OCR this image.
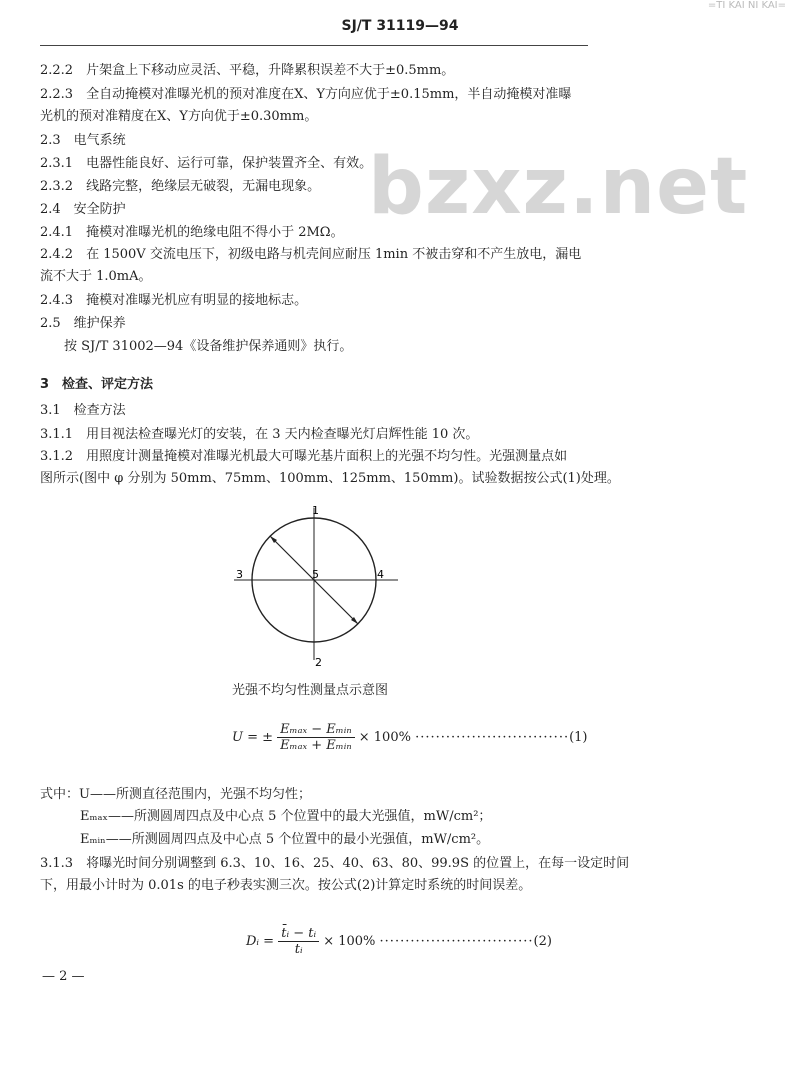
=TI KAI NI KAI=
SJ/T 31119—94
bzxz.net
2.2.2　片架盒上下移动应灵活、平稳，升降累积误差不大于±0.5mm。
2.2.3　全自动掩模对准曝光机的预对准度在X、Y方向应优于±0.15mm，半自动掩模对准曝
光机的预对准精度在X、Y方向优于±0.30mm。
2.3　电气系统
2.3.1　电器性能良好、运行可靠，保护装置齐全、有效。
2.3.2　线路完整，绝缘层无破裂，无漏电现象。
2.4　安全防护
2.4.1　掩模对准曝光机的绝缘电阻不得小于 2MΩ。
2.4.2　在 1500V 交流电压下，初级电路与机壳间应耐压 1min 不被击穿和不产生放电，漏电
流不大于 1.0mA。
2.4.3　掩模对准曝光机应有明显的接地标志。
2.5　维护保养
按 SJ/T 31002—94《设备维护保养通则》执行。
3　检查、评定方法
3.1　检查方法
3.1.1　用目视法检查曝光灯的安装，在 3 天内检查曝光灯启辉性能 10 次。
3.1.2　用照度计测量掩模对准曝光机最大可曝光基片面积上的光强不均匀性。光强测量点如
图所示(图中 φ 分别为 50mm、75mm、100mm、125mm、150mm)。试验数据按公式(1)处理。
1
2
3	4
5
光强不均匀性测量点示意图
U = ± $\frac{\text{Eₘₐₓ − Eₘᵢₙ}}{\text{Eₘₐₓ + Eₘᵢₙ}} \times 100\% \cdot\cdot\cdot\cdot\cdot\cdot\cdot\cdot\cdot\cdot\cdot\cdot\cdot\cdot\cdot\cdot\cdot\cdot\cdot\cdot\cdot\cdot\cdot\cdot\cdot\cdot\cdot\cdot\cdot\cdot(1)$
式中：U——所测直径范围内，光强不均匀性；
Eₘₐₓ——所测圆周四点及中心点 5 个位置中的最大光强值，mW/cm²；
Eₘᵢₙ——所测圆周四点及中心点 5 个位置中的最小光强值，mW/cm²。
3.1.3　将曝光时间分别调整到 6.3、10、16、25、40、63、80、99.9S 的位置上，在每一设定时间
下，用最小计时为 0.01s 的电子秒表实测三次。按公式(2)计算定时系统的时间误差。
Dᵢ = $\frac{\text{t̄ᵢ − tᵢ}}{\text{tᵢ}} \times 100\% \cdot\cdot\cdot\cdot\cdot\cdot\cdot\cdot\cdot\cdot\cdot\cdot\cdot\cdot\cdot\cdot\cdot\cdot\cdot\cdot\cdot\cdot\cdot\cdot\cdot\cdot\cdot\cdot\cdot\cdot(2)$
— 2 —
